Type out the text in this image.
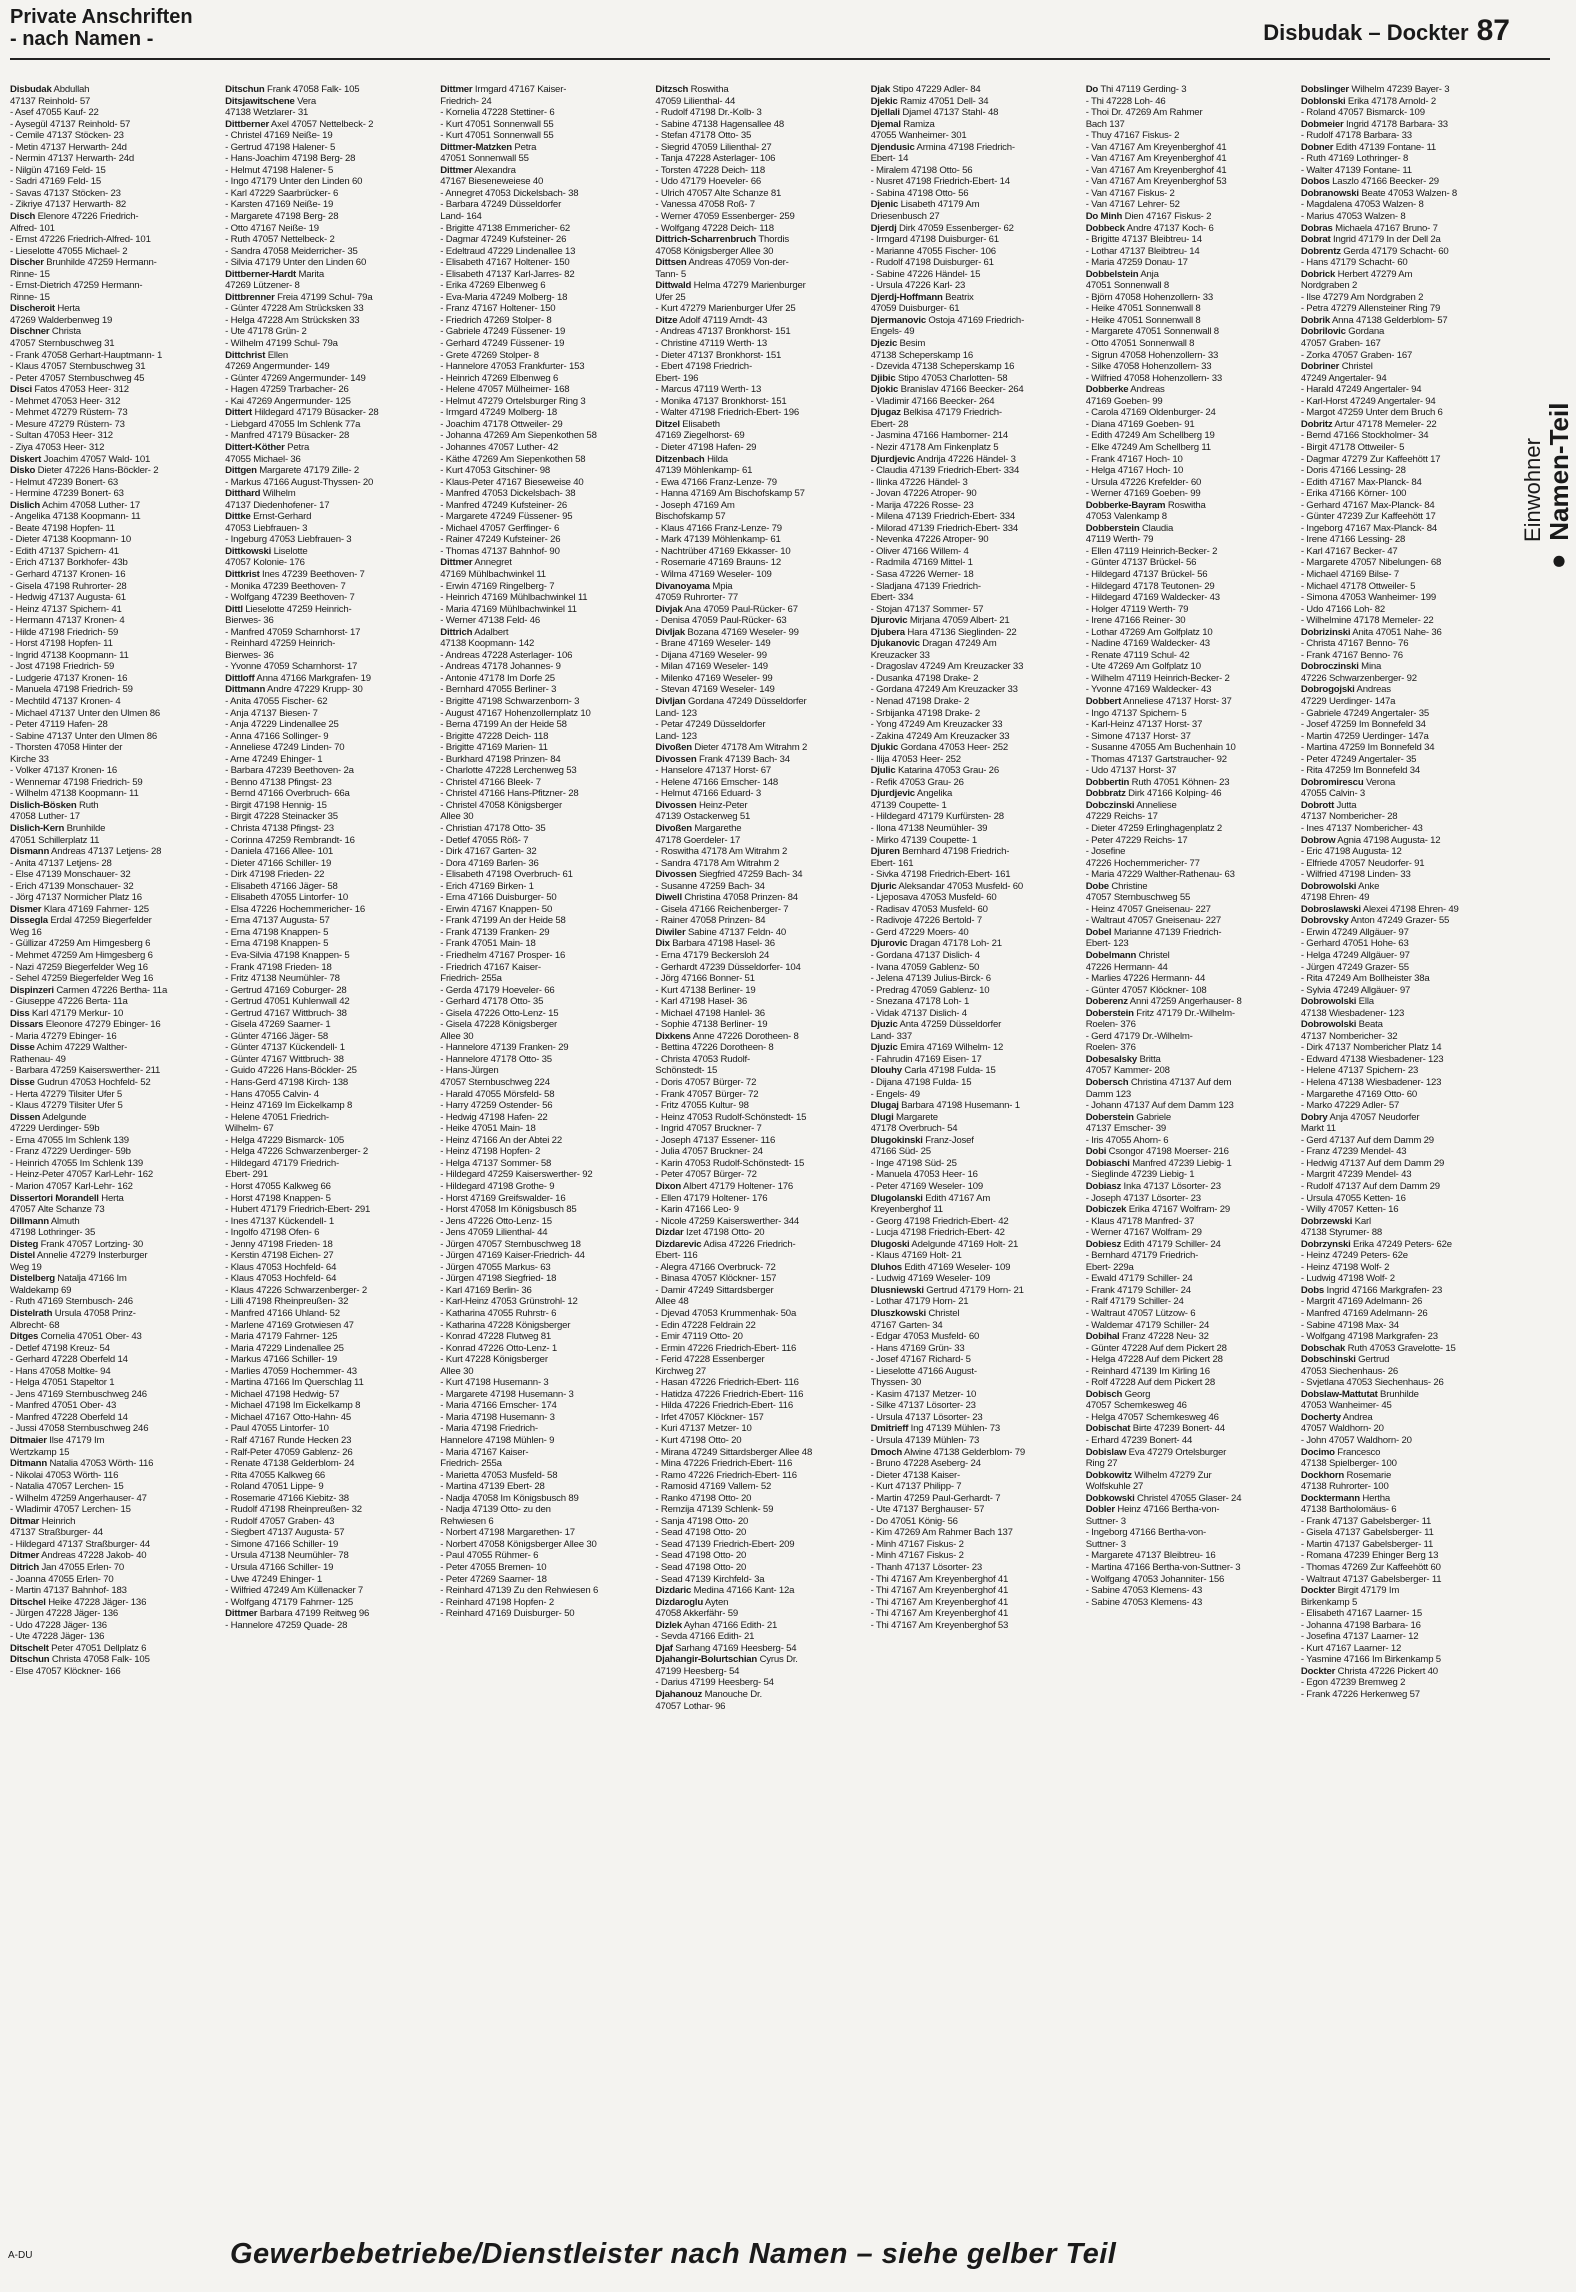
Private Anschriften
- nach Namen -	Disbudak – Dockter 87
Disbudak Abdullah
47137 Reinhold- 57
- Asef 47055 Kauf- 22
- Aysegül 47137 Reinhold- 57
- Cemile 47137 Stöcken- 23
- Metin 47137 Herwarth- 24d
- Nermin 47137 Herwarth- 24d
- Nilgün 47169 Feld- 15
- Sadri 47169 Feld- 15
- Savas 47137 Stöcken- 23
- Zikriye 47137 Herwarth- 82
Disch Elenore 47226 Friedrich-
Alfred- 101
- Ernst 47226 Friedrich-Alfred- 101
- Lieselotte 47055 Michael- 2
Discher Brunhilde 47259 Hermann-
Rinne- 15
- Ernst-Dietrich 47259 Hermann-
Rinne- 15
Discheroit Herta
47269 Walderbenweg 19
Dischner Christa
47057 Sternbuschweg 31
- Frank 47058 Gerhart-Hauptmann- 1
- Klaus 47057 Sternbuschweg 31
- Peter 47057 Sternbuschweg 45
Disci Fatos 47053 Heer- 312
- Mehmet 47053 Heer- 312
- Mehmet 47279 Rüstern- 73
- Mesure 47279 Rüstern- 73
- Sultan 47053 Heer- 312
- Ziya 47053 Heer- 312
Diskert Joachim 47057 Wald- 101
Disko Dieter 47226 Hans-Böckler- 2
- Helmut 47239 Bonert- 63
- Hermine 47239 Bonert- 63
Dislich Achim 47058 Luther- 17
- Angelika 47138 Koopmann- 11
- Beate 47198 Hopfen- 11
- Dieter 47138 Koopmann- 10
- Edith 47137 Spichern- 41
- Erich 47137 Borkhofer- 43b
- Gerhard 47137 Kronen- 16
- Gisela 47198 Ruhrorter- 28
- Hedwig 47137 Augusta- 61
- Heinz 47137 Spichern- 41
- Hermann 47137 Kronen- 4
- Hilde 47198 Friedrich- 59
- Horst 47198 Hopfen- 11
- Ingrid 47138 Koopmann- 11
- Jost 47198 Friedrich- 59
- Ludgerie 47137 Kronen- 16
- Manuela 47198 Friedrich- 59
- Mechtild 47137 Kronen- 4
- Michael 47137 Unter den Ulmen 86
- Peter 47119 Hafen- 28
- Sabine 47137 Unter den Ulmen 86
- Thorsten 47058 Hinter der
Kirche 33
- Volker 47137 Kronen- 16
- Wennemar 47198 Friedrich- 59
- Wilhelm 47138 Koopmann- 11
Dislich-Bösken Ruth
47058 Luther- 17
Dislich-Kern Brunhilde
47051 Schillerplatz 11
Dismann Andreas 47137 Letjens- 28
- Anita 47137 Letjens- 28
- Else 47139 Monschauer- 32
- Erich 47139 Monschauer- 32
- Jörg 47137 Normicher Platz 16
Dismer Klara 47169 Fahrner- 125
Dissegla Erdal 47259 Biegerfelder
Weg 16
- Güllizar 47259 Am Himgesberg 6
- Mehmet 47259 Am Himgesberg 6
- Nazi 47259 Biegerfelder Weg 16
- Sehel 47259 Biegerfelder Weg 16
Dispinzeri Carmen 47226 Bertha- 11a
- Giuseppe 47226 Berta- 11a
Diss Karl 47179 Merkur- 10
Dissars Eleonore 47279 Ebinger- 16
- Maria 47279 Ebinger- 16
Disse Achim 47229 Walther-
Rathenau- 49
- Barbara 47259 Kaiserswerther- 211
Disse Gudrun 47053 Hochfeld- 52
- Herta 47279 Tilsiter Ufer 5
- Klaus 47279 Tilsiter Ufer 5
Dissen Adelgunde
47229 Uerdinger- 59b
- Erna 47055 Im Schlenk 139
- Franz 47229 Uerdinger- 59b
- Heinrich 47055 Im Schlenk 139
- Heinz-Peter 47057 Karl-Lehr- 162
- Marion 47057 Karl-Lehr- 162
Dissertori Morandell Herta
47057 Alte Schanze 73
Dillmann Almuth
47198 Lothringer- 35
Disteg Frank 47057 Lortzing- 30
Distel Annelie 47279 Insterburger
Weg 19
Distelberg Natalja 47166 Im
Waldekamp 69
- Ruth 47169 Sternbusch- 246
Distelrath Ursula 47058 Prinz-
Albrecht- 68
Ditges Cornelia 47051 Ober- 43
- Detlef 47198 Kreuz- 54
- Gerhard 47228 Oberfeld 14
- Hans 47058 Moltke- 94
- Helga 47051 Stapeltor 1
- Jens 47169 Sternbuschweg 246
- Manfred 47051 Ober- 43
- Manfred 47228 Oberfeld 14
- Jussi 47058 Sternbuschweg 246
Ditmaier Ilse 47179 Im
Wertzkamp 15
Ditmann Natalia 47053 Wörth- 116
- Nikolai 47053 Wörth- 116
- Natalia 47057 Lerchen- 15
- Wilhelm 47259 Angerhauser- 47
- Wladimir 47057 Lerchen- 15
Ditmar Heinrich
47137 Straßburger- 44
- Hildegard 47137 Straßburger- 44
Ditmer Andreas 47228 Jakob- 40
Ditrich Jan 47055 Erlen- 70
- Joanna 47055 Erlen- 70
- Martin 47137 Bahnhof- 183
Ditschel Heike 47228 Jäger- 136
- Jürgen 47228 Jäger- 136
- Udo 47228 Jäger- 136
- Ute 47228 Jäger- 136
Ditschelt Peter 47051 Dellplatz 6
Ditschun Christa 47058 Falk- 105
- Else 47057 Klöckner- 166
Ditschun Frank 47058 Falk- 105
Ditsjawitschene Vera
47138 Wetzlarer- 31
Dittberner Axel 47057 Nettelbeck- 2
- Christel 47169 Neiße- 19
- Gertrud 47198 Halener- 5
- Hans-Joachim 47198 Berg- 28
- Helmut 47198 Halener- 5
- Ingo 47179 Unter den Linden 60
- Karl 47229 Saarbrücker- 6
- Karsten 47169 Neiße- 19
- Margarete 47198 Berg- 28
- Otto 47167 Neiße- 19
- Ruth 47057 Nettelbeck- 2
- Sandra 47058 Meiderricher- 35
- Silvia 47179 Unter den Linden 60
Dittberner-Hardt Marita
47269 Lützener- 8
Dittbrenner Freia 47199 Schul- 79a
- Günter 47228 Am Strücksken 33
- Helga 47228 Am Strücksken 33
- Ute 47178 Grün- 2
- Wilhelm 47199 Schul- 79a
Dittchrist Ellen
47269 Angermunder- 149
- Günter 47269 Angermunder- 149
- Hagen 47259 Trarbacher- 26
- Kai 47269 Angermunder- 125
Dittert Hildegard 47179 Büsacker- 28
- Liebgard 47055 Im Schlenk 77a
- Manfred 47179 Büsacker- 28
Dittert-Köther Petra
47055 Michael- 36
Dittgen Margarete 47179 Zille- 2
- Markus 47166 August-Thyssen- 20
Ditthard Wilhelm
47137 Diedenhofener- 17
Dittke Ernst-Gerhard
47053 Liebfrauen- 3
- Ingeburg 47053 Liebfrauen- 3
Dittkowski Liselotte
47057 Kolonie- 176
Dittkrist Ines 47239 Beethoven- 7
- Monika 47239 Beethoven- 7
- Wolfgang 47239 Beethoven- 7
Dittl Lieselotte 47259 Heinrich-
Bierwes- 36
- Manfred 47059 Scharnhorst- 17
- Reinhard 47259 Heinrich-
Bierwes- 36
- Yvonne 47059 Scharnhorst- 17
Dittloff Anna 47166 Markgrafen- 19
Dittmann Andre 47229 Krupp- 30
- Anita 47055 Fischer- 62
- Anja 47137 Biesen- 7
- Anja 47229 Lindenallee 25
- Anna 47166 Sollinger- 9
- Anneliese 47249 Linden- 70
- Arne 47249 Ehinger- 1
- Barbara 47239 Beethoven- 2a
- Benno 47138 Pfingst- 23
- Bernd 47166 Overbruch- 66a
- Birgit 47198 Hennig- 15
- Birgit 47228 Steinacker 35
- Christa 47138 Pfingst- 23
- Corinna 47259 Rembrandt- 16
- Daniela 47166 Allee- 101
- Dieter 47166 Schiller- 19
- Dirk 47198 Frieden- 22
- Elisabeth 47166 Jäger- 58
- Elisabeth 47055 Lintorfer- 10
- Elsa 47226 Hochemmericher- 16
- Erna 47137 Augusta- 57
- Erna 47198 Knappen- 5
- Erna 47198 Knappen- 5
- Eva-Silvia 47198 Knappen- 5
- Frank 47198 Frieden- 18
- Fritz 47138 Neumühler- 78
- Gertrud 47169 Coburger- 28
- Gertrud 47051 Kuhlenwall 42
- Gertrud 47167 Wittbruch- 38
- Gisela 47269 Saarner- 1
- Günter 47166 Jäger- 58
- Günter 47137 Kückendell- 1
- Günter 47167 Wittbruch- 38
- Guido 47226 Hans-Böckler- 25
- Hans-Gerd 47198 Kirch- 138
- Hans 47055 Calvin- 4
- Heinz 47169 Im Eickelkamp 8
- Helene 47051 Friedrich-
Wilhelm- 67
- Helga 47229 Bismarck- 105
- Helga 47226 Schwarzenberger- 2
- Hildegard 47179 Friedrich-
Ebert- 291
- Horst 47055 Kalkweg 66
- Horst 47198 Knappen- 5
- Hubert 47179 Friedrich-Ebert- 291
- Ines 47137 Kückendell- 1
- Ingolfo 47198 Ofen- 6
- Jenny 47198 Frieden- 18
- Kerstin 47198 Eichen- 27
- Klaus 47053 Hochfeld- 64
- Klaus 47053 Hochfeld- 64
- Klaus 47226 Schwarzenberger- 2
- Lilli 47198 Rheinpreußen- 32
- Manfred 47166 Uhland- 52
- Marlene 47169 Grotwiesen 47
- Maria 47179 Fahrner- 125
- Maria 47229 Lindenallee 25
- Markus 47166 Schiller- 19
- Marlies 47059 Hochemmer- 43
- Martina 47166 Im Querschlag 11
- Michael 47198 Hedwig- 57
- Michael 47198 Im Eickelkamp 8
- Michael 47167 Otto-Hahn- 45
- Paul 47055 Lintorfer- 10
- Ralf 47167 Runde Hecken 23
- Ralf-Peter 47059 Gablenz- 26
- Renate 47138 Gelderblom- 24
- Rita 47055 Kalkweg 66
- Roland 47051 Lippe- 9
- Rosemarie 47166 Kiebitz- 38
- Rudolf 47198 Rheinpreußen- 32
- Rudolf 47057 Graben- 43
- Siegbert 47137 Augusta- 57
- Simone 47166 Schiller- 19
- Ursula 47138 Neumühler- 78
- Ursula 47166 Schiller- 19
- Uwe 47249 Ehinger- 1
- Wilfried 47249 Am Küllenacker 7
- Wolfgang 47179 Fahrner- 125
Dittmer Barbara 47199 Reitweg 96
- Hannelore 47259 Quade- 28
Dittmer Irmgard 47167 Kaiser-
Friedrich- 24
- Kornelia 47228 Stettiner- 6
- Kurt 47051 Sonnenwall 55
- Kurt 47051 Sonnenwall 55
Dittmer-Matzken Petra
47051 Sonnenwall 55
Dittmer Alexandra
47167 Bieseneweiese 40
- Annegret 47053 Dickelsbach- 38
- Barbara 47249 Düsseldorfer
Land- 164
- Brigitte 47138 Emmericher- 62
- Dagmar 47249 Kufsteiner- 26
- Edeltraud 47229 Lindenallee 13
- Elisabeth 47167 Holtener- 150
- Elisabeth 47137 Karl-Jarres- 82
- Erika 47269 Elbenweg 6
- Eva-Maria 47249 Molberg- 18
- Franz 47167 Holtener- 150
- Friedrich 47269 Stolper- 8
- Gabriele 47249 Füssener- 19
- Gerhard 47249 Füssener- 19
- Grete 47269 Stolper- 8
- Hannelore 47053 Frankfurter- 153
- Heinrich 47269 Elbenweg 6
- Helene 47057 Mülheimer- 168
- Helmut 47279 Ortelsburger Ring 3
- Irmgard 47249 Molberg- 18
- Joachim 47178 Ottweiler- 29
- Johanna 47269 Am Siepenkothen 58
- Johannes 47057 Luther- 42
- Käthe 47269 Am Siepenkothen 58
- Kurt 47053 Gitschiner- 98
- Klaus-Peter 47167 Bieseweise 40
- Manfred 47053 Dickelsbach- 38
- Manfred 47249 Kufsteiner- 26
- Margarete 47249 Füssener- 95
- Michael 47057 Gerffinger- 6
- Rainer 47249 Kufsteiner- 26
- Thomas 47137 Bahnhof- 90
Dittmer Annegret
47169 Mühlbachwinkel 11
- Erwin 47169 Ringelberg- 7
- Heinrich 47169 Mühlbachwinkel 11
- Maria 47169 Mühlbachwinkel 11
- Werner 47138 Feld- 46
Dittrich Adalbert
47138 Koopmann- 142
- Andreas 47228 Asterlager- 106
- Andreas 47178 Johannes- 9
- Antonie 47178 Im Dorfe 25
- Bernhard 47055 Berliner- 3
- Brigitte 47198 Schwarzenborn- 3
- August 47167 Hohenzollernplatz 10
- Berna 47199 An der Heide 58
- Brigitte 47228 Deich- 118
- Brigitte 47169 Marien- 11
- Burkhard 47198 Prinzen- 84
- Charlotte 47228 Lerchenweg 53
- Christel 47166 Bleek- 7
- Christel 47166 Hans-Pfitzner- 28
- Christel 47058 Königsberger
Allee 30
- Christian 47178 Otto- 35
- Detlef 47055 Röß- 7
- Dirk 47167 Garten- 32
- Dora 47169 Barlen- 36
- Elisabeth 47198 Overbruch- 61
- Erich 47169 Birken- 1
- Erna 47166 Duisburger- 50
- Erwin 47167 Knappen- 50
- Frank 47199 An der Heide 58
- Frank 47139 Franken- 29
- Frank 47051 Main- 18
- Friedhelm 47167 Prosper- 16
- Friedrich 47167 Kaiser-
Friedrich- 255a
- Gerda 47179 Hoeveler- 66
- Gerhard 47178 Otto- 35
- Gisela 47226 Otto-Lenz- 15
- Gisela 47228 Königsberger
Allee 30
- Hannelore 47139 Franken- 29
- Hannelore 47178 Otto- 35
- Hans-Jürgen
47057 Sternbuschweg 224
- Harald 47055 Mörsfeld- 58
- Harry 47259 Ostender- 56
- Hedwig 47198 Hafen- 22
- Heike 47051 Main- 18
- Heinz 47166 An der Abtei 22
- Heinz 47198 Hopfen- 2
- Helga 47137 Sommer- 58
- Hildegard 47259 Kaiserswerther- 92
- Hildegard 47198 Grothe- 9
- Horst 47169 Greifswalder- 16
- Horst 47058 Im Königsbusch 85
- Jens 47226 Otto-Lenz- 15
- Jens 47059 Lilienthal- 44
- Jürgen 47057 Sternbuschweg 18
- Jürgen 47169 Kaiser-Friedrich- 44
- Jürgen 47055 Markus- 63
- Jürgen 47198 Siegfried- 18
- Karl 47169 Berlin- 36
- Karl-Heinz 47053 Grünstrohl- 12
- Katharina 47055 Ruhrstr- 6
- Katharina 47228 Königsberger
- Konrad 47228 Flutweg 81
- Konrad 47226 Otto-Lenz- 1
- Kurt 47228 Königsberger
Allee 30
- Kurt 47198 Husemann- 3
- Margarete 47198 Husemann- 3
- Maria 47166 Emscher- 174
- Maria 47198 Husemann- 3
- Maria 47198 Friedrich-
Hannelore 47198 Mühlen- 9
- Maria 47167 Kaiser-
Friedrich- 255a
- Marietta 47053 Musfeld- 58
- Martina 47139 Ebert- 28
- Nadja 47058 Im Königsbusch 89
- Nadja 47139 Otto- zu den
Rehwiesen 6
- Norbert 47198 Margarethen- 17
- Norbert 47058 Königsberger Allee 30
- Paul 47055 Rühmer- 6
- Peter 47055 Bremen- 10
- Peter 47269 Saarner- 18
- Reinhard 47139 Zu den Rehwiesen 6
- Reinhard 47198 Hopfen- 2
- Reinhard 47169 Duisburger- 50
Ditzsch Roswitha
47059 Lilienthal- 44
- Rudolf 47198 Dr.-Kolb- 3
- Sabine 47138 Hagensallee 48
- Stefan 47178 Otto- 35
- Siegrid 47059 Lilienthal- 27
- Tanja 47228 Asterlager- 106
- Torsten 47228 Deich- 118
- Udo 47179 Hoeveler- 66
- Ulrich 47057 Alte Schanze 81
- Vanessa 47058 Roß- 7
- Werner 47059 Essenberger- 259
- Wolfgang 47228 Deich- 118
Dittrich-Scharrenbruch Thordis
47058 Königsberger Allee 30
Dittsen Andreas 47059 Von-der-
Tann- 5
Dittwald Helma 47279 Marienburger
Ufer 25
- Kurt 47279 Marienburger Ufer 25
Ditze Adolf 47119 Arndt- 43
- Andreas 47137 Bronkhorst- 151
- Christine 47119 Werth- 13
- Dieter 47137 Bronkhorst- 151
- Ebert 47198 Friedrich-
Ebert- 196
- Marcus 47119 Werth- 13
- Monika 47137 Bronkhorst- 151
- Walter 47198 Friedrich-Ebert- 196
Ditzel Elisabeth
47169 Ziegelhorst- 69
- Dieter 47198 Hafen- 29
Ditzenbach Hilda
47139 Möhlenkamp- 61
- Ewa 47166 Franz-Lenze- 79
- Hanna 47169 Am Bischofskamp 57
- Joseph 47169 Am
Bischofskamp 57
- Klaus 47166 Franz-Lenze- 79
- Mark 47139 Möhlenkamp- 61
- Nachtrüber 47169 Ekkasser- 10
- Rosemarie 47169 Brauns- 12
- Wilma 47169 Weseler- 109
Divanoyama Mpia
47059 Ruhrorter- 77
Divjak Ana 47059 Paul-Rücker- 67
- Denisa 47059 Paul-Rücker- 63
Divljak Bozana 47169 Weseler- 99
- Brane 47169 Weseler- 149
- Dijana 47169 Weseler- 99
- Milan 47169 Weseler- 149
- Milenko 47169 Weseler- 99
- Stevan 47169 Weseler- 149
Divljan Gordana 47249 Düsseldorfer
Land- 123
- Petar 47249 Düsseldorfer
Land- 123
Divoßen Dieter 47178 Am Witrahm 2
Divossen Frank 47139 Bach- 34
- Hanselore 47137 Horst- 67
- Helene 47166 Emscher- 148
- Helmut 47166 Eduard- 3
Divossen Heinz-Peter
47139 Ostackerweg 51
Divoßen Margarethe
47178 Goerdeler- 17
- Roswitha 47178 Am Witrahm 2
- Sandra 47178 Am Witrahm 2
Divossen Siegfried 47259 Bach- 34
- Susanne 47259 Bach- 34
Diwell Christina 47058 Prinzen- 84
- Gisela 47166 Reichenberger- 7
- Rainer 47058 Prinzen- 84
Diwiler Sabine 47137 Feldn- 40
Dix Barbara 47198 Hasel- 36
- Erna 47179 Beckersloh 24
- Gerhardt 47239 Düsseldorfer- 104
- Jörg 47166 Bonner- 51
- Kurt 47138 Berliner- 19
- Karl 47198 Hasel- 36
- Michael 47198 Hanlel- 36
- Sophie 47138 Berliner- 19
Dixkens Anne 47226 Dorotheen- 8
- Bettina 47226 Dorotheen- 8
- Christa 47053 Rudolf-
Schönstedt- 15
- Doris 47057 Bürger- 72
- Frank 47057 Bürger- 72
- Fritz 47055 Kultur- 98
- Heinz 47053 Rudolf-Schönstedt- 15
- Ingrid 47057 Bruckner- 7
- Joseph 47137 Essener- 116
- Julia 47057 Bruckner- 24
- Karin 47053 Rudolf-Schönstedt- 15
- Peter 47057 Bürger- 72
Dixon Albert 47179 Holtener- 176
- Ellen 47179 Holtener- 176
- Karin 47166 Leo- 9
- Nicole 47259 Kaiserswerther- 344
Dizdar Izet 47198 Otto- 20
Dizdarevic Adisa 47226 Friedrich-
Ebert- 116
- Alegra 47166 Overbruck- 72
- Binasa 47057 Klöckner- 157
- Damir 47249 Sittardsberger
Allee 48
- Djevad 47053 Krummenhak- 50a
- Edin 47228 Feldrain 22
- Emir 47119 Otto- 20
- Ermin 47226 Friedrich-Ebert- 116
- Ferid 47228 Essenberger
Kirchweg 27
- Hasan 47226 Friedrich-Ebert- 116
- Hatidza 47226 Friedrich-Ebert- 116
- Hilda 47226 Friedrich-Ebert- 116
- Irfet 47057 Klöckner- 157
- Kuri 47137 Metzer- 10
- Kurt 47198 Otto- 20
- Mirana 47249 Sittardsberger Allee 48
- Mina 47226 Friedrich-Ebert- 116
- Ramo 47226 Friedrich-Ebert- 116
- Ramosid 47169 Vallem- 52
- Ranko 47198 Otto- 20
- Remzija 47139 Schlenk- 59
- Sanja 47198 Otto- 20
- Sead 47198 Otto- 20
- Sead 47139 Friedrich-Ebert- 209
- Sead 47198 Otto- 20
- Sead 47198 Otto- 20
- Sead 47139 Kirchfeld- 3a
Dizdaric Medina 47166 Kant- 12a
Dizdaroglu Ayten
47058 Akkerfähr- 59
Dizlek Ayhan 47166 Edith- 21
- Sevda 47166 Edith- 21
Djaf Sarhang 47169 Heesberg- 54
Djahangir-Bolurtschian Cyrus Dr.
47199 Heesberg- 54
- Darius 47199 Heesberg- 54
Djahanouz Manouche Dr.
47057 Lothar- 96
Djak Stipo 47229 Adler- 84
Djekic Ramiz 47051 Dell- 34
Djellali Djamel 47137 Stahl- 48
Djemal Ramiza
47055 Wanheimer- 301
Djendusic Armina 47198 Friedrich-
Ebert- 14
- Miralem 47198 Otto- 56
- Nusret 47198 Friedrich-Ebert- 14
- Sabina 47198 Otto- 56
Djenic Lisabeth 47179 Am
Driesenbusch 27
Djerdj Dirk 47059 Essenberger- 62
- Irmgard 47198 Duisburger- 61
- Marianne 47055 Fischer- 106
- Rudolf 47198 Duisburger- 61
- Sabine 47226 Händel- 15
- Ursula 47226 Karl- 23
Djerdj-Hoffmann Beatrix
47059 Duisburger- 61
Djermanovic Ostoja 47169 Friedrich-
Engels- 49
Djezic Besim
47138 Scheperskamp 16
- Dzevida 47138 Scheperskamp 16
Djibic Stipo 47053 Charlotten- 58
Djokic Branislav 47166 Beecker- 264
- Vladimir 47166 Beecker- 264
Djugaz Belkisa 47179 Friedrich-
Ebert- 28
- Jasmina 47166 Hamborner- 214
- Nezir 47178 Am Finkenplatz 5
Djurdjevic Andrija 47226 Händel- 3
- Claudia 47139 Friedrich-Ebert- 334
- Ilinka 47226 Händel- 3
- Jovan 47226 Atroper- 90
- Marija 47226 Rosse- 23
- Milena 47139 Friedrich-Ebert- 334
- Milorad 47139 Friedrich-Ebert- 334
- Nevenka 47226 Atroper- 90
- Oliver 47166 Willem- 4
- Radmila 47169 Mittel- 1
- Sasa 47226 Werner- 18
- Sladjana 47139 Friedrich-
Ebert- 334
- Stojan 47137 Sommer- 57
Djurovic Mirjana 47059 Albert- 21
Djubera Hara 47136 Sieglinden- 22
Djukanovic Dragan 47249 Am
Kreuzacker 33
- Dragoslav 47249 Am Kreuzacker 33
- Dusanka 47198 Drake- 2
- Gordana 47249 Am Kreuzacker 33
- Nenad 47198 Drake- 2
- Srbijanka 47198 Drake- 2
- Yong 47249 Am Kreuzacker 33
- Zakina 47249 Am Kreuzacker 33
Djukic Gordana 47053 Heer- 252
- Ilija 47053 Heer- 252
Djulic Katarina 47053 Grau- 26
- Refik 47053 Grau- 26
Djurdjevic Angelika
47139 Coupette- 1
- Hildegard 47179 Kurfürsten- 28
- Ilona 47138 Neumühler- 39
- Mirko 47139 Coupette- 1
Djuren Bernhard 47198 Friedrich-
Ebert- 161
- Sivka 47198 Friedrich-Ebert- 161
Djuric Aleksandar 47053 Musfeld- 60
- Ljeposava 47053 Musfeld- 60
- Radisav 47053 Musfeld- 60
- Radivoje 47226 Bertold- 7
- Gerd 47229 Moers- 40
Djurovic Dragan 47178 Loh- 21
- Gordana 47137 Dislich- 4
- Ivana 47059 Gablenz- 50
- Jelena 47139 Julius-Birck- 6
- Predrag 47059 Gablenz- 10
- Snezana 47178 Loh- 1
- Vidak 47137 Dislich- 4
Djuzic Anta 47259 Düsseldorfer
Land- 337
Djuzic Emira 47169 Wilhelm- 12
- Fahrudin 47169 Eisen- 17
Dlouhy Carla 47198 Fulda- 15
- Dijana 47198 Fulda- 15
- Engels- 49
Dlugaj Barbara 47198 Husemann- 1
Dlugi Margarete
47178 Overbruch- 54
Dlugokinski Franz-Josef
47166 Süd- 25
- Inge 47198 Süd- 25
- Manuela 47053 Heer- 16
- Peter 47169 Weseler- 109
Dlugolanski Edith 47167 Am
Kreyenberghof 11
- Georg 47198 Friedrich-Ebert- 42
- Lucja 47198 Friedrich-Ebert- 42
Dlugoski Adelgunde 47169 Holt- 21
- Klaus 47169 Holt- 21
Dluhos Edith 47169 Weseler- 109
- Ludwig 47169 Weseler- 109
Dlusniewski Gertrud 47179 Horn- 21
- Lothar 47179 Horn- 21
Dluszkowski Christel
47167 Garten- 34
- Edgar 47053 Musfeld- 60
- Hans 47169 Grün- 33
- Josef 47167 Richard- 5
- Lieselotte 47166 August-
Thyssen- 30
- Kasim 47137 Metzer- 10
- Silke 47137 Lösorter- 23
- Ursula 47137 Lösorter- 23
Dmitrieff Ing 47139 Mühlen- 73
- Ursula 47139 Mühlen- 73
Dmoch Alwine 47138 Gelderblom- 79
- Bruno 47228 Aseberg- 24
- Dieter 47138 Kaiser-
- Kurt 47137 Philipp- 7
- Martin 47259 Paul-Gerhardt- 7
- Ute 47137 Berghauser- 57
- Do 47051 König- 56
- Kim 47269 Am Rahmer Bach 137
- Minh 47167 Fiskus- 2
- Minh 47167 Fiskus- 2
- Thanh 47137 Lösorter- 23
- Thi 47167 Am Kreyenberghof 41
- Thi 47167 Am Kreyenberghof 41
- Thi 47167 Am Kreyenberghof 41
- Thi 47167 Am Kreyenberghof 41
- Thi 47167 Am Kreyenberghof 53
Do Thi 47119 Gerding- 3
- Thi 47228 Loh- 46
- Thoi Dr. 47269 Am Rahmer
Bach 137
- Thuy 47167 Fiskus- 2
- Van 47167 Am Kreyenberghof 41
- Van 47167 Am Kreyenberghof 41
- Van 47167 Am Kreyenberghof 41
- Van 47167 Am Kreyenberghof 53
- Van 47167 Fiskus- 2
- Van 47167 Lehrer- 52
Do Minh Dien 47167 Fiskus- 2
Dobbeck Andre 47137 Koch- 6
- Brigitte 47137 Bleibtreu- 14
- Lothar 47137 Bleibtreu- 14
- Maria 47259 Donau- 17
Dobbelstein Anja
47051 Sonnenwall 8
- Björn 47058 Hohenzollern- 33
- Heike 47051 Sonnenwall 8
- Heike 47051 Sonnenwall 8
- Margarete 47051 Sonnenwall 8
- Otto 47051 Sonnenwall 8
- Sigrun 47058 Hohenzollern- 33
- Silke 47058 Hohenzollern- 33
- Wilfried 47058 Hohenzollern- 33
Dobberke Andreas
47169 Goeben- 99
- Carola 47169 Oldenburger- 24
- Diana 47169 Goeben- 91
- Edith 47249 Am Schellberg 19
- Elke 47249 Am Schellberg 11
- Frank 47167 Hoch- 10
- Helga 47167 Hoch- 10
- Ursula 47226 Krefelder- 60
- Werner 47169 Goeben- 99
Dobberke-Bayram Roswitha
47053 Valenkamp 8
Dobberstein Claudia
47119 Werth- 79
- Ellen 47119 Heinrich-Becker- 2
- Günter 47137 Brückel- 56
- Hildegard 47137 Brückel- 56
- Hildegard 47178 Teutonen- 29
- Hildegard 47169 Waldecker- 43
- Holger 47119 Werth- 79
- Irene 47166 Reiner- 30
- Lothar 47269 Am Golfplatz 10
- Nadine 47169 Waldecker- 43
- Renate 47119 Schul- 42
- Ute 47269 Am Golfplatz 10
- Wilhelm 47119 Heinrich-Becker- 2
- Yvonne 47169 Waldecker- 43
Dobbert Anneliese 47137 Horst- 37
- Ingo 47137 Spichern- 5
- Karl-Heinz 47137 Horst- 37
- Simone 47137 Horst- 37
- Susanne 47055 Am Buchenhain 10
- Thomas 47137 Gartstraucher- 92
- Udo 47137 Horst- 37
Dobbertin Ruth 47051 Köhnen- 23
Dobbratz Dirk 47166 Kolping- 46
Dobczinski Anneliese
47229 Reichs- 17
- Dieter 47259 Erlinghagenplatz 2
- Peter 47229 Reichs- 17
- Josefine
47226 Hochemmericher- 77
- Maria 47229 Walther-Rathenau- 63
Dobe Christine
47057 Sternbuschweg 55
- Heinz 47057 Gneisenau- 227
- Waltraut 47057 Gneisenau- 227
Dobel Marianne 47139 Friedrich-
Ebert- 123
Dobelmann Christel
47226 Hermann- 44
- Marlies 47226 Hermann- 44
- Günter 47057 Klöckner- 108
Doberenz Anni 47259 Angerhauser- 8
Doberstein Fritz 47179 Dr.-Wilhelm-
Roelen- 376
- Gerd 47179 Dr.-Wilhelm-
Roelen- 376
Dobesalsky Britta
47057 Kammer- 208
Dobersch Christina 47137 Auf dem
Damm 123
- Johann 47137 Auf dem Damm 123
Doberstein Gabriele
47137 Emscher- 39
- Iris 47055 Ahorn- 6
Dobi Csongor 47198 Moerser- 216
Dobiaschi Manfred 47239 Liebig- 1
- Sieglinde 47239 Liebig- 1
Dobiasz Inka 47137 Lösorter- 23
- Joseph 47137 Lösorter- 23
Dobiczek Erika 47167 Wolfram- 29
- Klaus 47178 Manfred- 37
- Werner 47167 Wolfram- 29
Dobiesz Edith 47179 Schiller- 24
- Bernhard 47179 Friedrich-
Ebert- 229a
- Ewald 47179 Schiller- 24
- Frank 47179 Schiller- 24
- Ralf 47179 Schiller- 24
- Waltraut 47057 Lützow- 6
- Waldemar 47179 Schiller- 24
Dobihal Franz 47228 Neu- 32
- Günter 47228 Auf dem Pickert 28
- Helga 47228 Auf dem Pickert 28
- Reinhard 47139 Im Kirling 16
- Rolf 47228 Auf dem Pickert 28
Dobisch Georg
47057 Schemkesweg 46
- Helga 47057 Schemkesweg 46
Dobischat Birte 47239 Bonert- 44
- Erhard 47239 Bonert- 44
Dobislaw Eva 47279 Ortelsburger
Ring 27
Dobkowitz Wilhelm 47279 Zur
Wolfskuhle 27
Dobkowski Christel 47055 Glaser- 24
Dobler Heinz 47166 Bertha-von-
Suttner- 3
- Ingeborg 47166 Bertha-von-
Suttner- 3
- Margarete 47137 Bleibtreu- 16
- Martina 47166 Bertha-von-Suttner- 3
- Wolfgang 47053 Johanniter- 156
- Sabine 47053 Klemens- 43
- Sabine 47053 Klemens- 43
Dobslinger Wilhelm 47239 Bayer- 3
Doblonski Erika 47178 Arnold- 2
- Roland 47057 Bismarck- 109
Dobmeier Ingrid 47178 Barbara- 33
- Rudolf 47178 Barbara- 33
Dobner Edith 47139 Fontane- 11
- Ruth 47169 Lothringer- 8
- Walter 47139 Fontane- 11
Dobos Laszlo 47166 Beecker- 29
Dobranowski Beate 47053 Walzen- 8
- Magdalena 47053 Walzen- 8
- Marius 47053 Walzen- 8
Dobras Michaela 47167 Bruno- 7
Dobrat Ingrid 47179 In der Dell 2a
Dobrentz Gerda 47179 Schacht- 60
- Hans 47179 Schacht- 60
Dobrick Herbert 47279 Am
Nordgraben 2
- Ilse 47279 Am Nordgraben 2
- Petra 47279 Allensteiner Ring 79
Dobrik Anna 47138 Gelderblom- 57
Dobrilovic Gordana
47057 Graben- 167
- Zorka 47057 Graben- 167
Dobriner Christel
47249 Angertaler- 94
- Harald 47249 Angertaler- 94
- Karl-Horst 47249 Angertaler- 94
- Margot 47259 Unter dem Bruch 6
Dobritz Artur 47178 Memeler- 22
- Bernd 47166 Stockholmer- 34
- Birgit 47178 Ottweiler- 5
- Dagmar 47279 Zur Kaffeehött 17
- Doris 47166 Lessing- 28
- Edith 47167 Max-Planck- 84
- Erika 47166 Körner- 100
- Gerhard 47167 Max-Planck- 84
- Günter 47239 Zur Kaffeehött 17
- Ingeborg 47167 Max-Planck- 84
- Irene 47166 Lessing- 28
- Karl 47167 Becker- 47
- Margarete 47057 Nibelungen- 68
- Michael 47169 Bilse- 7
- Michael 47178 Ottweiler- 5
- Simona 47053 Wanheimer- 199
- Udo 47166 Loh- 82
- Wilhelmine 47178 Memeler- 22
Dobrizinski Anita 47051 Nahe- 36
- Christa 47167 Benno- 76
- Frank 47167 Benno- 76
Dobroczinski Mina
47226 Schwarzenberger- 92
Dobrogojski Andreas
47229 Uerdinger- 147a
- Gabriele 47249 Angertaler- 35
- Josef 47259 Im Bonnefeld 34
- Martin 47259 Uerdinger- 147a
- Martina 47259 Im Bonnefeld 34
- Peter 47249 Angertaler- 35
- Rita 47259 Im Bonnefeld 34
Dobromirescu Verona
47055 Calvin- 3
Dobrott Jutta
47137 Nombericher- 28
- Ines 47137 Nombericher- 43
Dobrow Agnia 47198 Augusta- 12
- Eric 47198 Augusta- 12
- Elfriede 47057 Neudorfer- 91
- Wilfried 47198 Linden- 33
Dobrowolski Anke
47198 Ehren- 49
Dobroslawski Alexei 47198 Ehren- 49
Dobrovsky Anton 47249 Grazer- 55
- Erwin 47249 Allgäuer- 97
- Gerhard 47051 Hohe- 63
- Helga 47249 Allgäuer- 97
- Jürgen 47249 Grazer- 55
- Rita 47249 Am Bollheister 38a
- Sylvia 47249 Allgäuer- 97
Dobrowolski Ella
47138 Wiesbadener- 123
Dobrowolski Beata
47137 Nombericher- 32
- Dirk 47137 Nombericher Platz 14
- Edward 47138 Wiesbadener- 123
- Helene 47137 Spichern- 23
- Helena 47138 Wiesbadener- 123
- Margarethe 47169 Otto- 60
- Marko 47229 Adler- 57
Dobry Anja 47057 Neudorfer
Markt 11
- Gerd 47137 Auf dem Damm 29
- Franz 47239 Mendel- 43
- Hedwig 47137 Auf dem Damm 29
- Margrit 47239 Mendel- 43
- Rudolf 47137 Auf dem Damm 29
- Ursula 47055 Ketten- 16
- Willy 47057 Ketten- 16
Dobrzewski Karl
47138 Styrumer- 88
Dobrzynski Erika 47249 Peters- 62e
- Heinz 47249 Peters- 62e
- Heinz 47198 Wolf- 2
- Ludwig 47198 Wolf- 2
Dobs Ingrid 47166 Markgrafen- 23
- Margrit 47169 Adelmann- 26
- Manfred 47169 Adelmann- 26
- Sabine 47198 Max- 34
- Wolfgang 47198 Markgrafen- 23
Dobschak Ruth 47053 Gravelotte- 15
Dobschinski Gertrud
47053 Siechenhaus- 26
- Svjetlana 47053 Siechenhaus- 26
Dobslaw-Mattutat Brunhilde
47053 Wanheimer- 45
Docherty Andrea
47057 Waldhorn- 20
- John 47057 Waldhorn- 20
Docimo Francesco
47138 Spielberger- 100
Dockhorn Rosemarie
47138 Ruhrorter- 100
Docktermann Hertha
47138 Bartholomäus- 6
- Frank 47137 Gabelsberger- 11
- Gisela 47137 Gabelsberger- 11
- Martin 47137 Gabelsberger- 11
- Romana 47239 Ehinger Berg 13
- Thomas 47269 Zur Kaffeehött 60
- Waltraut 47137 Gabelsberger- 11
Dockter Birgit 47179 Im
Birkenkamp 5
- Elisabeth 47167 Laarner- 15
- Johanna 47198 Barbara- 16
- Josefina 47137 Laarner- 12
- Kurt 47167 Laarner- 12
- Yasmine 47166 Im Birkenkamp 5
Dockter Christa 47226 Pickert 40
- Egon 47239 Bremweg 2
- Frank 47226 Herkenweg 57
Einwohner ● Namen-Teil
A-DU	Gewerbebetriebe/Dienstleister nach Namen – siehe gelber Teil
